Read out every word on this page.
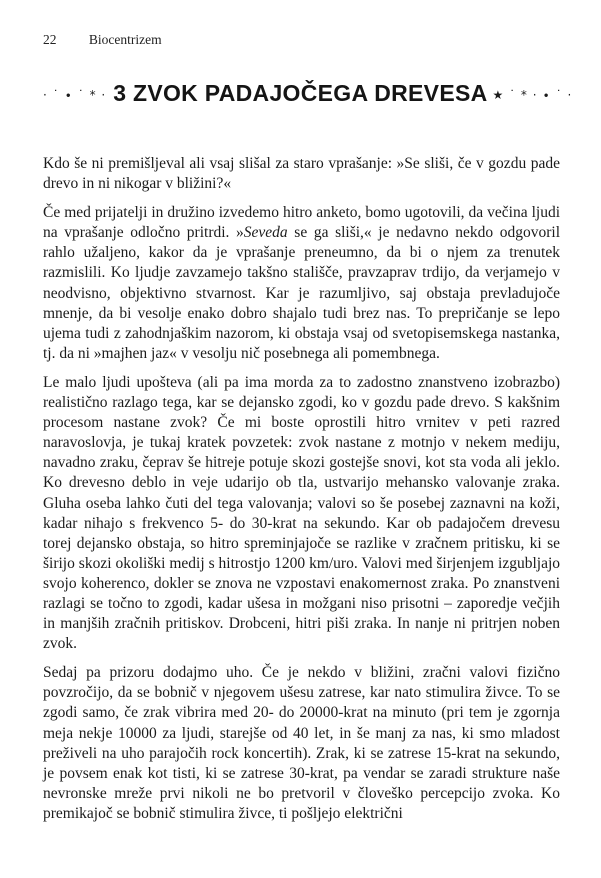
22 Biocentrizem
· ˙ ∙ ˙ * · 3 ZVOK PADAJOČEGA DREVESA ★ ˙ * · ∙ ˙ ·

Kdo še ni premišljeval ali vsaj slišal za staro vprašanje: »Se sliši, če v gozdu pade drevo in ni nikogar v bližini?«

Če med prijatelji in družino izvedemo hitro anketo, bomo ugotovili, da večina ljudi na vprašanje odločno pritrdi. »Seveda se ga sliši,« je nedavno nekdo odgovoril rahlo užaljeno, kakor da je vprašanje preneumno, da bi o njem za trenutek razmislili. Ko ljudje zavzamejo takšno stališče, pravzaprav trdijo, da verjamejo v neodvisno, objektivno stvarnost. Kar je razumljivo, saj obstaja prevladujoče mnenje, da bi vesolje enako dobro shajalo tudi brez nas. To prepričanje se lepo ujema tudi z zahodnjaškim nazorom, ki obstaja vsaj od svetopisemskega nastanka, tj. da ni »majhen jaz« v vesolju nič posebnega ali pomembnega.

Le malo ljudi upošteva (ali pa ima morda za to zadostno znanstveno izobrazbo) realistično razlago tega, kar se dejansko zgodi, ko v gozdu pade drevo. S kakšnim procesom nastane zvok? Če mi boste oprostili hitro vrnitev v peti razred naravoslovja, je tukaj kratek povzetek: zvok nastane z motnjo v nekem mediju, navadno zraku, čeprav še hitreje potuje skozi gostejše snovi, kot sta voda ali jeklo. Ko drevesno deblo in veje udarijo ob tla, ustvarijo mehansko valovanje zraka. Gluha oseba lahko čuti del tega valovanja; valovi so še posebej zaznavni na koži, kadar nihajo s frekvenco 5- do 30-krat na sekundo. Kar ob padajočem drevesu torej dejansko obstaja, so hitro spreminjajoče se razlike v zračnem pritisku, ki se širijo skozi okoliški medij s hitrostjo 1200 km/uro. Valovi med širjenjem izgubljajo svojo koherenco, dokler se znova ne vzpostavi enakomernost zraka. Po znanstveni razlagi se točno to zgodi, kadar ušesa in možgani niso prisotni – zaporedje večjih in manjših zračnih pritiskov. Drobceni, hitri piši zraka. In nanje ni pritrjen noben zvok.

Sedaj pa prizoru dodajmo uho. Če je nekdo v bližini, zračni valovi fizično povzročijo, da se bobnič v njegovem ušesu zatrese, kar nato stimulira živce. To se zgodi samo, če zrak vibrira med 20- do 20000-krat na minuto (pri tem je zgornja meja nekje 10000 za ljudi, starejše od 40 let, in še manj za nas, ki smo mladost preživeli na uho parajočih rock koncertih). Zrak, ki se zatrese 15-krat na sekundo, je povsem enak kot tisti, ki se zatrese 30-krat, pa vendar se zaradi strukture naše nevronske mreže prvi nikoli ne bo pretvoril v človeško percepcijo zvoka. Ko premikajoč se bobnič stimulira živce, ti pošljejo električni
